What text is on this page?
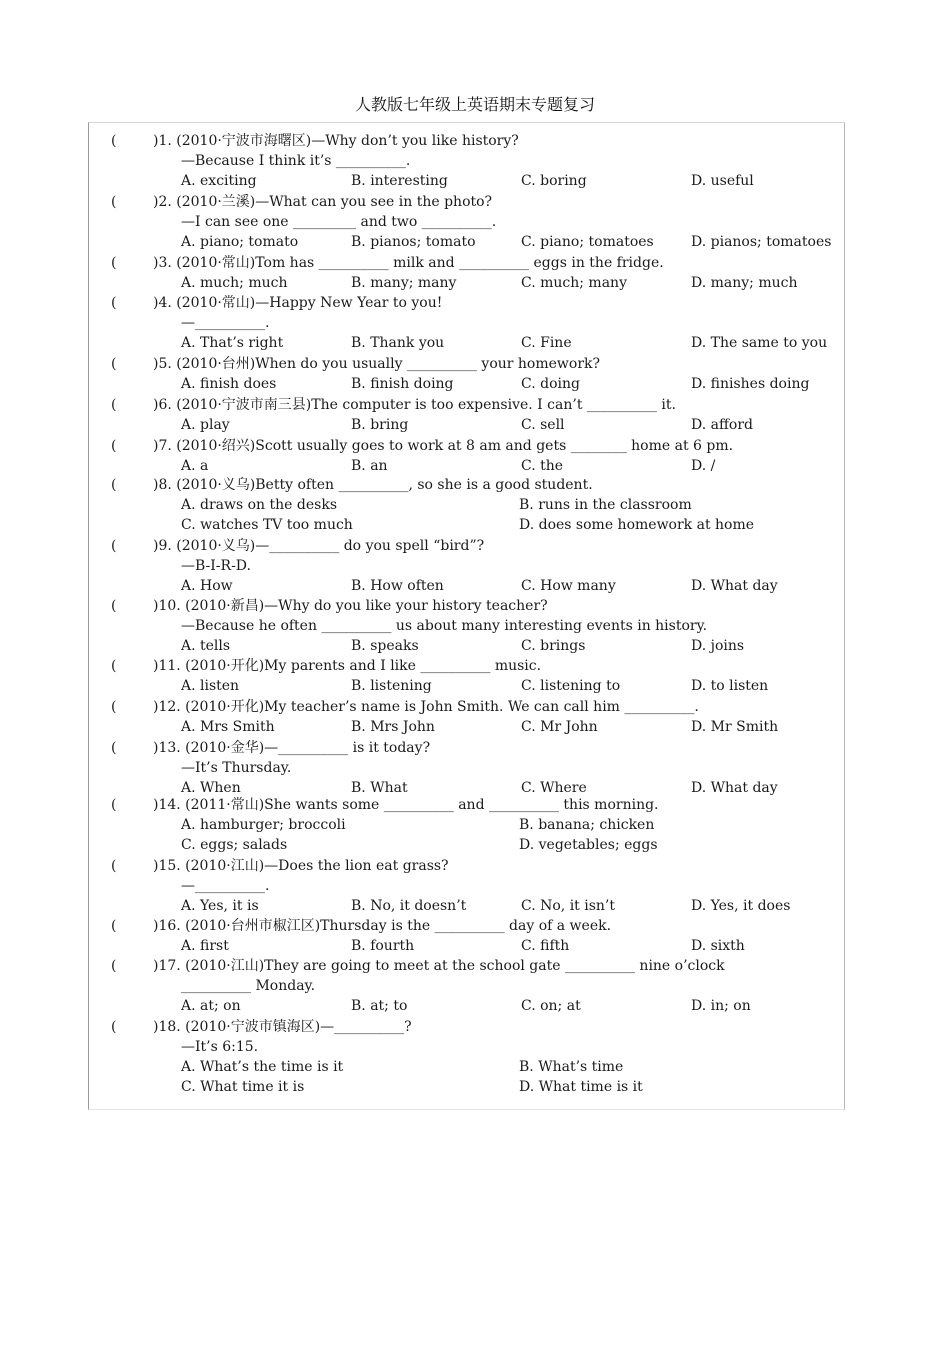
人教版七年级上英语期末专题复习
(	)1. (2010·宁波市海曙区)—Why don’t you like history?
—Because I think it’s __________.
A. exciting	B. interesting	C. boring	D. useful
(	)2. (2010·兰溪)—What can you see in the photo?
—I can see one _________ and two __________.
A. piano; tomato	B. pianos; tomato	C. piano; tomatoes	D. pianos; tomatoes
(	)3. (2010·常山)Tom has __________ milk and __________ eggs in the fridge.
A. much; much	B. many; many	C. much; many	D. many; much
(	)4. (2010·常山)—Happy New Year to you!
—__________.
A. That’s right	B. Thank you	C. Fine	D. The same to you
(	)5. (2010·台州)When do you usually __________ your homework?
A. finish does	B. finish doing	C. doing	D. finishes doing
(	)6. (2010·宁波市南三县)The computer is too expensive. I can’t __________ it.
A. play	B. bring	C. sell	D. afford
(	)7. (2010·绍兴)Scott usually goes to work at 8 am and gets ________ home at 6 pm.
A. a	B. an	C. the	D. /
(	)8. (2010·义乌)Betty often __________, so she is a good student.
A. draws on the desks	B. runs in the classroom
C. watches TV too much	D. does some homework at home
(	)9. (2010·义乌)—__________ do you spell “bird”?
—B-I-R-D.
A. How	B. How often	C. How many	D. What day
(	)10. (2010·新昌)—Why do you like your history teacher?
—Because he often __________ us about many interesting events in history.
A. tells	B. speaks	C. brings	D. joins
(	)11. (2010·开化)My parents and I like __________ music.
A. listen	B. listening	C. listening to	D. to listen
(	)12. (2010·开化)My teacher’s name is John Smith. We can call him __________.
A. Mrs Smith	B. Mrs John	C. Mr John	D. Mr Smith
(	)13. (2010·金华)—__________ is it today?
—It’s Thursday.
A. When	B. What	C. Where	D. What day
(	)14. (2011·常山)She wants some __________ and __________ this morning.
A. hamburger; broccoli	B. banana; chicken
C. eggs; salads	D. vegetables; eggs
(	)15. (2010·江山)—Does the lion eat grass?
—__________.
A. Yes, it is	B. No, it doesn’t	C. No, it isn’t	D. Yes, it does
(	)16. (2010·台州市椒江区)Thursday is the __________ day of a week.
A. first	B. fourth	C. fifth	D. sixth
(	)17. (2010·江山)They are going to meet at the school gate __________ nine o’clock
__________ Monday.
A. at; on	B. at; to	C. on; at	D. in; on
(	)18. (2010·宁波市镇海区)—__________?
—It’s 6:15.
A. What’s the time is it	B. What’s time
C. What time it is	D. What time is it
